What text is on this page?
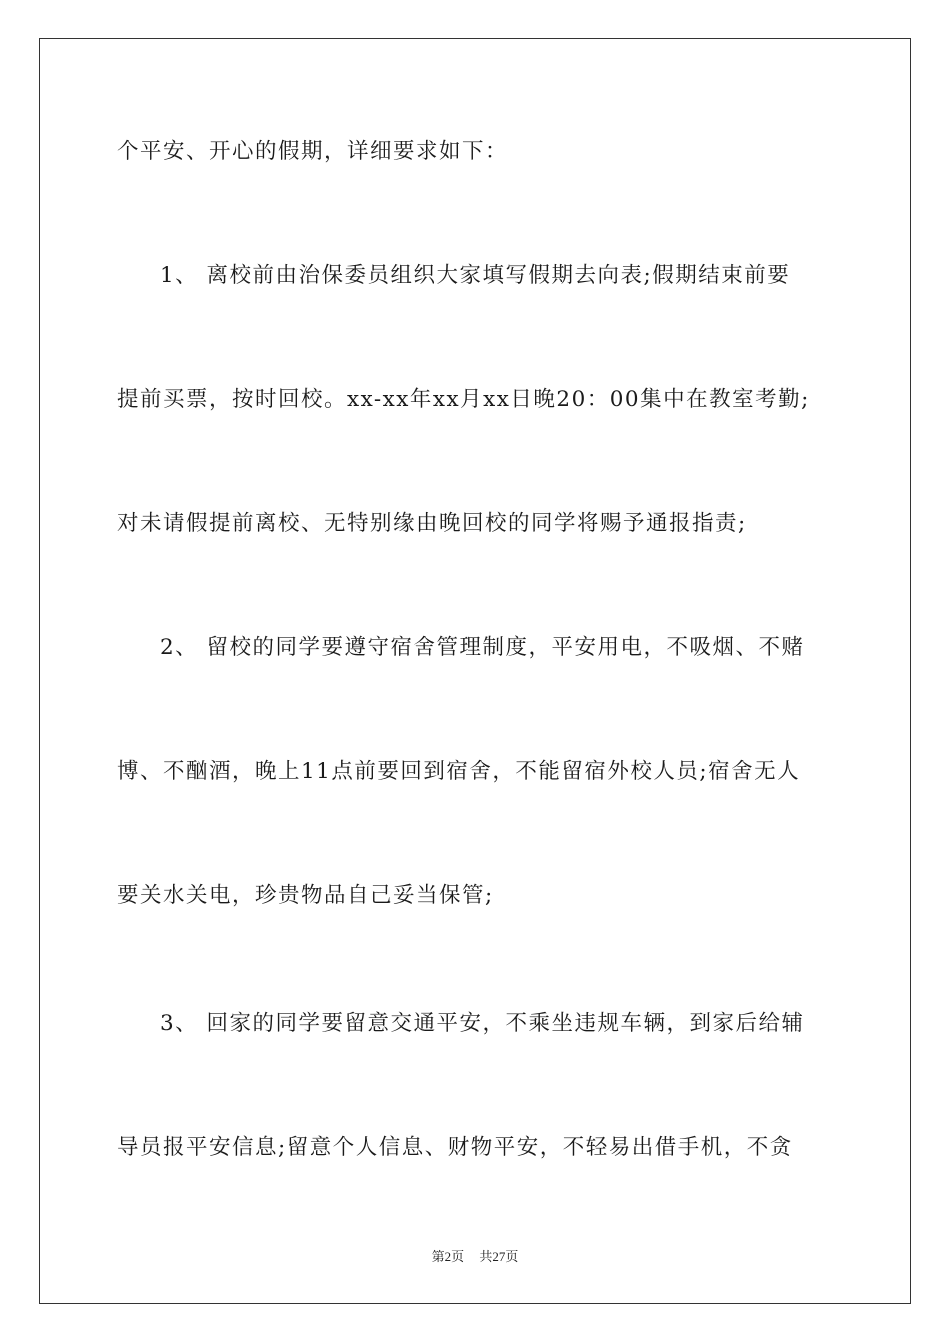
个平安、开心的假期，详细要求如下：
1、 离校前由治保委员组织大家填写假期去向表;假期结束前要
提前买票，按时回校。xx-xx年xx月xx日晚20：00集中在教室考勤;
对未请假提前离校、无特别缘由晚回校的同学将赐予通报指责;
2、 留校的同学要遵守宿舍管理制度，平安用电，不吸烟、不赌
博、不酗酒，晚上11点前要回到宿舍，不能留宿外校人员;宿舍无人
要关水关电，珍贵物品自己妥当保管;
3、 回家的同学要留意交通平安，不乘坐违规车辆，到家后给辅
导员报平安信息;留意个人信息、财物平安，不轻易出借手机，不贪
第2页 共27页
